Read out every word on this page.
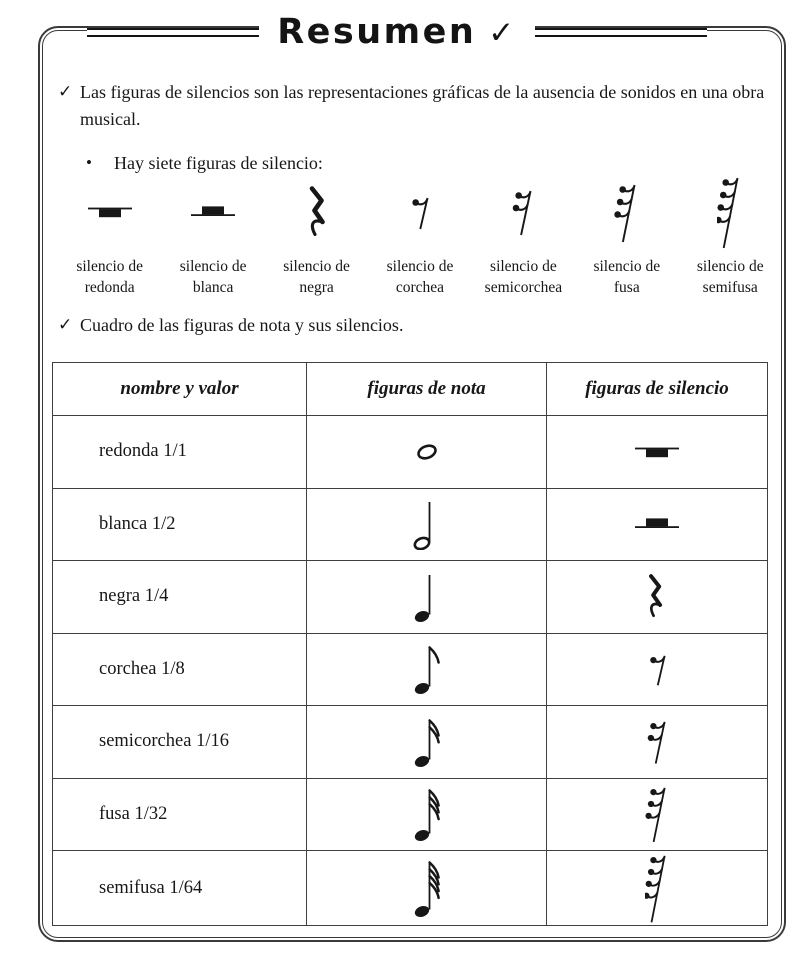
Resumen ✓
✓ Las figuras de silencios son las representaciones gráficas de la ausencia de sonidos en una obra musical.
•	Hay siete figuras de silencio:
silencio de
redonda
silencio de
blanca
silencio de
negra
silencio de
corchea
silencio de
semicorchea
silencio de
fusa
silencio de
semifusa
✓ Cuadro de las figuras de nota y sus silencios.
nombre y valor	figuras de nota	figuras de silencio
redonda 1/1		
blanca 1/2		
negra 1/4		
corchea 1/8		
semicorchea 1/16		
fusa 1/32		
semifusa 1/64		
